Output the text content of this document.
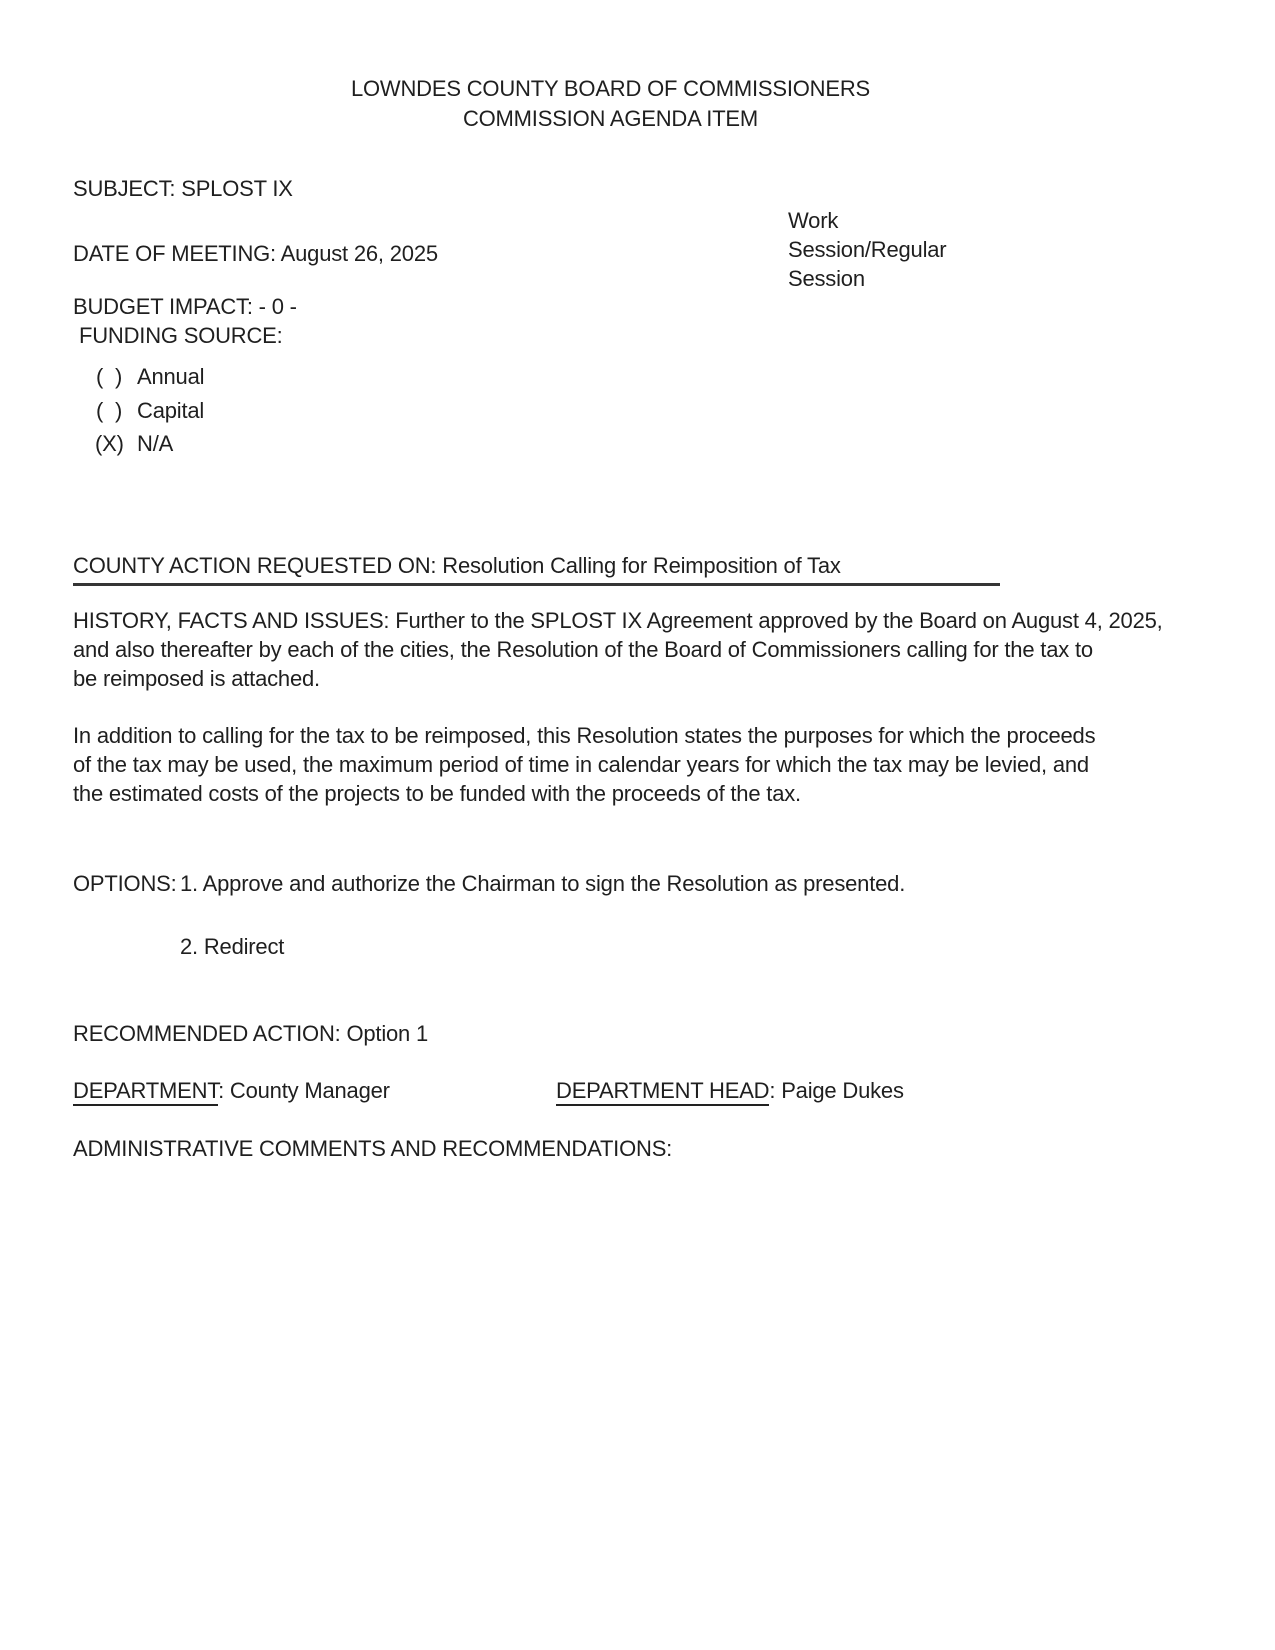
LOWNDES COUNTY BOARD OF COMMISSIONERS
COMMISSION AGENDA ITEM
SUBJECT: SPLOST IX
Work
Session/Regular
Session
DATE OF MEETING: August 26, 2025
BUDGET IMPACT: - 0 -
FUNDING SOURCE:
(  ) Annual
(  ) Capital
(X) N/A
COUNTY ACTION REQUESTED ON: Resolution Calling for Reimposition of Tax
HISTORY, FACTS AND ISSUES: Further to the SPLOST IX Agreement approved by the Board on August 4, 2025,
and also thereafter by each of the cities, the Resolution of the Board of Commissioners calling for the tax to
be reimposed is attached.
In addition to calling for the tax to be reimposed, this Resolution states the purposes for which the proceeds
of the tax may be used, the maximum period of time in calendar years for which the tax may be levied, and
the estimated costs of the projects to be funded with the proceeds of the tax.
OPTIONS: 1. Approve and authorize the Chairman to sign the Resolution as presented.
2. Redirect
RECOMMENDED ACTION: Option 1
DEPARTMENT: County Manager	DEPARTMENT HEAD: Paige Dukes
ADMINISTRATIVE COMMENTS AND RECOMMENDATIONS:
